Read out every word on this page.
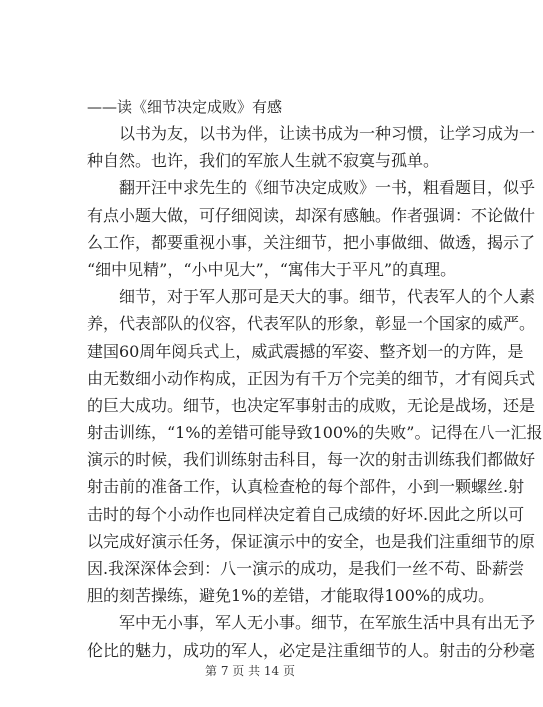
——读《细节决定成败》有感
　　以书为友，以书为伴，让读书成为一种习惯，让学习成为一
种自然。也许，我们的军旅人生就不寂寞与孤单。
　　翻开汪中求先生的《细节决定成败》一书，粗看题目，似乎
有点小题大做，可仔细阅读，却深有感触。作者强调：不论做什
么工作，都要重视小事，关注细节，把小事做细、做透，揭示了
“细中见精”，“小中见大”，“寓伟大于平凡”的真理。
　　细节，对于军人那可是天大的事。细节，代表军人的个人素
养，代表部队的仪容，代表军队的形象，彰显一个国家的威严。
建国60周年阅兵式上，威武震撼的军姿、整齐划一的方阵，是
由无数细小动作构成，正因为有千万个完美的细节，才有阅兵式
的巨大成功。细节，也决定军事射击的成败，无论是战场，还是
射击训练，“1%的差错可能导致100%的失败”。记得在八一汇报
演示的时候，我们训练射击科目，每一次的射击训练我们都做好
射击前的准备工作，认真检查枪的每个部件，小到一颗螺丝.射
击时的每个小动作也同样决定着自己成绩的好坏.因此之所以可
以完成好演示任务，保证演示中的安全，也是我们注重细节的原
因.我深深体会到：八一演示的成功，是我们一丝不苟、卧薪尝
胆的刻苦操练，避免1%的差错，才能取得100%的成功。
　　军中无小事，军人无小事。细节，在军旅生活中具有出无予
伦比的魅力，成功的军人，必定是注重细节的人。射击的分秒毫
第 7 页 共 14 页
